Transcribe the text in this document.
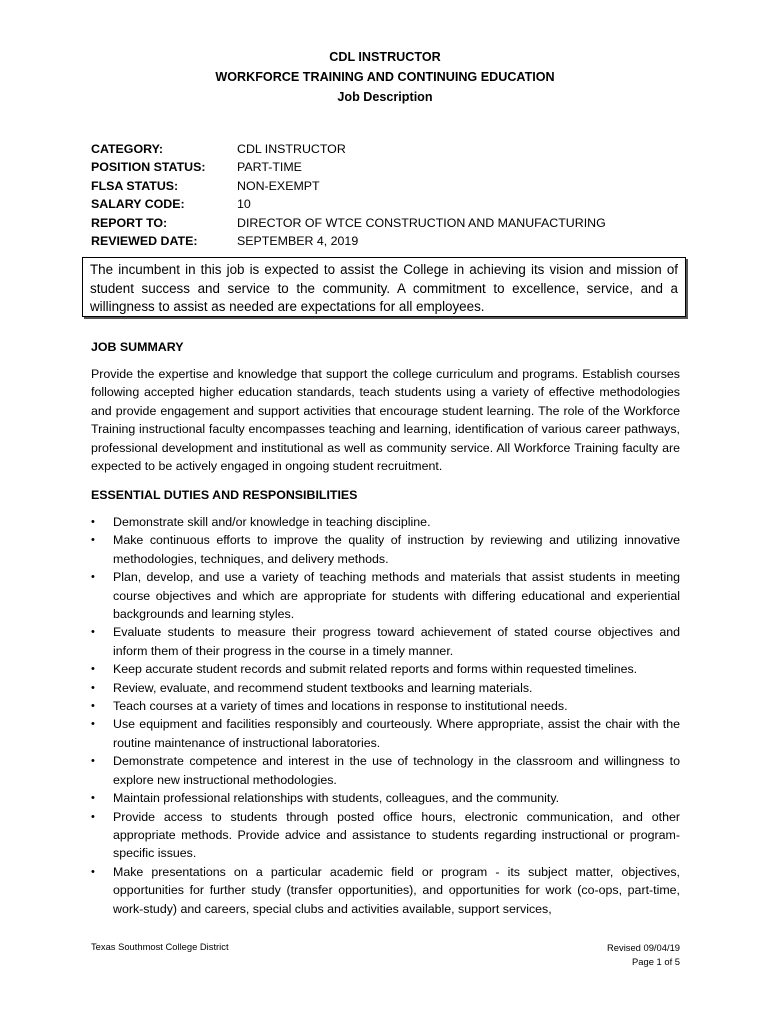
CDL INSTRUCTOR
WORKFORCE TRAINING AND CONTINUING EDUCATION
Job Description
CATEGORY:	CDL INSTRUCTOR
POSITION STATUS:	PART-TIME
FLSA STATUS:	NON-EXEMPT
SALARY CODE:	10
REPORT TO:	DIRECTOR OF WTCE CONSTRUCTION AND MANUFACTURING
REVIEWED DATE:	SEPTEMBER 4, 2019
The incumbent in this job is expected to assist the College in achieving its vision and mission of student success and service to the community. A commitment to excellence, service, and a willingness to assist as needed are expectations for all employees.
JOB SUMMARY
Provide the expertise and knowledge that support the college curriculum and programs. Establish courses following accepted higher education standards, teach students using a variety of effective methodologies and provide engagement and support activities that encourage student learning. The role of the Workforce Training instructional faculty encompasses teaching and learning, identification of various career pathways, professional development and institutional as well as community service. All Workforce Training faculty are expected to be actively engaged in ongoing student recruitment.
ESSENTIAL DUTIES AND RESPONSIBILITIES
•	Demonstrate skill and/or knowledge in teaching discipline.
•	Make continuous efforts to improve the quality of instruction by reviewing and utilizing innovative methodologies, techniques, and delivery methods.
•	Plan, develop, and use a variety of teaching methods and materials that assist students in meeting course objectives and which are appropriate for students with differing educational and experiential backgrounds and learning styles.
•	Evaluate students to measure their progress toward achievement of stated course objectives and inform them of their progress in the course in a timely manner.
•	Keep accurate student records and submit related reports and forms within requested timelines.
•	Review, evaluate, and recommend student textbooks and learning materials.
•	Teach courses at a variety of times and locations in response to institutional needs.
•	Use equipment and facilities responsibly and courteously. Where appropriate, assist the chair with the routine maintenance of instructional laboratories.
•	Demonstrate competence and interest in the use of technology in the classroom and willingness to explore new instructional methodologies.
•	Maintain professional relationships with students, colleagues, and the community.
•	Provide access to students through posted office hours, electronic communication, and other appropriate methods. Provide advice and assistance to students regarding instructional or program-specific issues.
•	Make presentations on a particular academic field or program - its subject matter, objectives, opportunities for further study (transfer opportunities), and opportunities for work (co-ops, part-time, work-study) and careers, special clubs and activities available, support services,
Texas Southmost College District	Revised 09/04/19
Page 1 of 5
